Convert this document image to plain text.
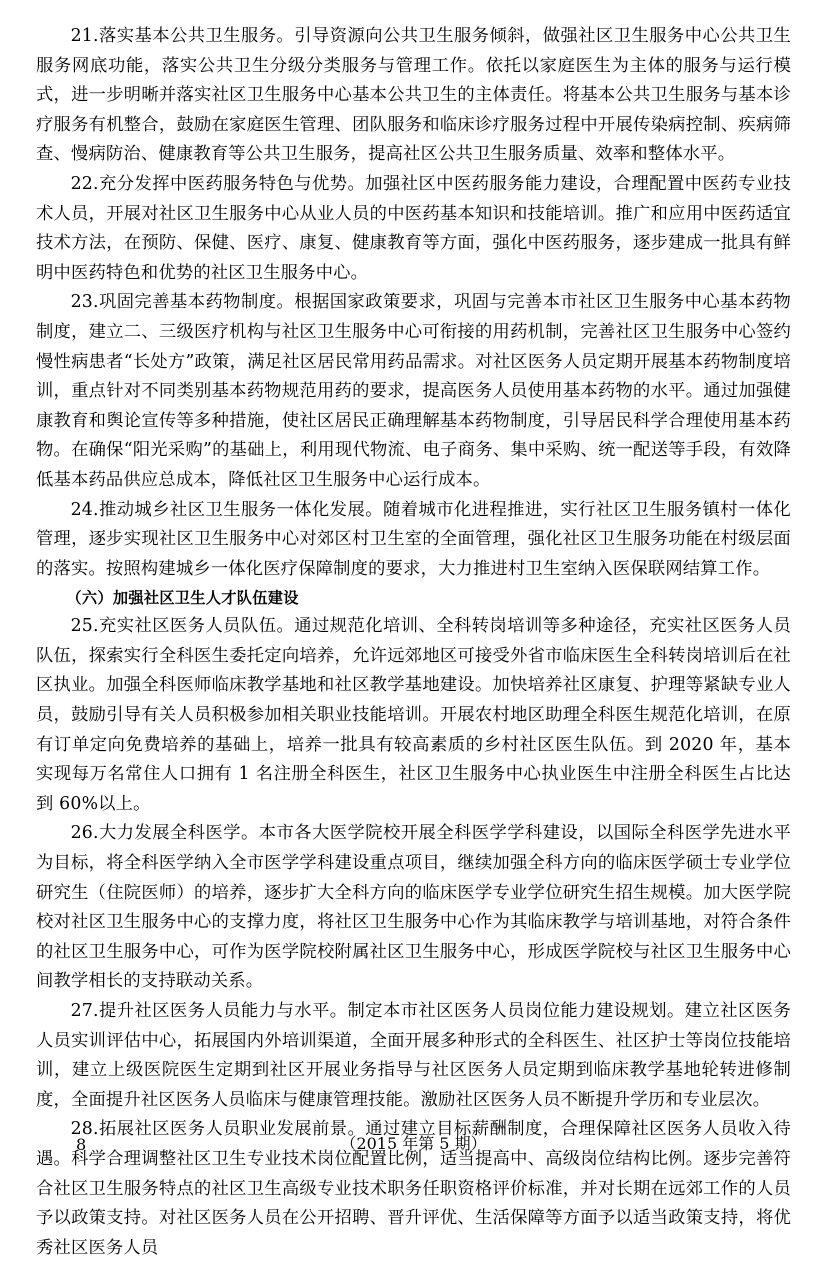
21.落实基本公共卫生服务。引导资源向公共卫生服务倾斜，做强社区卫生服务中心公共卫生服务网底功能，落实公共卫生分级分类服务与管理工作。依托以家庭医生为主体的服务与运行模式，进一步明晰并落实社区卫生服务中心基本公共卫生的主体责任。将基本公共卫生服务与基本诊疗服务有机整合，鼓励在家庭医生管理、团队服务和临床诊疗服务过程中开展传染病控制、疾病筛查、慢病防治、健康教育等公共卫生服务，提高社区公共卫生服务质量、效率和整体水平。

22.充分发挥中医药服务特色与优势。加强社区中医药服务能力建设，合理配置中医药专业技术人员，开展对社区卫生服务中心从业人员的中医药基本知识和技能培训。推广和应用中医药适宜技术方法，在预防、保健、医疗、康复、健康教育等方面，强化中医药服务，逐步建成一批具有鲜明中医药特色和优势的社区卫生服务中心。

23.巩固完善基本药物制度。根据国家政策要求，巩固与完善本市社区卫生服务中心基本药物制度，建立二、三级医疗机构与社区卫生服务中心可衔接的用药机制，完善社区卫生服务中心签约慢性病患者“长处方”政策，满足社区居民常用药品需求。对社区医务人员定期开展基本药物制度培训，重点针对不同类别基本药物规范用药的要求，提高医务人员使用基本药物的水平。通过加强健康教育和舆论宣传等多种措施，使社区居民正确理解基本药物制度，引导居民科学合理使用基本药物。在确保“阳光采购”的基础上，利用现代物流、电子商务、集中采购、统一配送等手段，有效降低基本药品供应总成本，降低社区卫生服务中心运行成本。

24.推动城乡社区卫生服务一体化发展。随着城市化进程推进，实行社区卫生服务镇村一体化管理，逐步实现社区卫生服务中心对郊区村卫生室的全面管理，强化社区卫生服务功能在村级层面的落实。按照构建城乡一体化医疗保障制度的要求，大力推进村卫生室纳入医保联网结算工作。

（六）加强社区卫生人才队伍建设

25.充实社区医务人员队伍。通过规范化培训、全科转岗培训等多种途径，充实社区医务人员队伍，探索实行全科医生委托定向培养，允许远郊地区可接受外省市临床医生全科转岗培训后在社区执业。加强全科医师临床教学基地和社区教学基地建设。加快培养社区康复、护理等紧缺专业人员，鼓励引导有关人员积极参加相关职业技能培训。开展农村地区助理全科医生规范化培训，在原有订单定向免费培养的基础上，培养一批具有较高素质的乡村社区医生队伍。到 2020 年，基本实现每万名常住人口拥有 1 名注册全科医生，社区卫生服务中心执业医生中注册全科医生占比达到 60%以上。

26.大力发展全科医学。本市各大医学院校开展全科医学学科建设，以国际全科医学先进水平为目标，将全科医学纳入全市医学学科建设重点项目，继续加强全科方向的临床医学硕士专业学位研究生（住院医师）的培养，逐步扩大全科方向的临床医学专业学位研究生招生规模。加大医学院校对社区卫生服务中心的支撑力度，将社区卫生服务中心作为其临床教学与培训基地，对符合条件的社区卫生服务中心，可作为医学院校附属社区卫生服务中心，形成医学院校与社区卫生服务中心间教学相长的支持联动关系。

27.提升社区医务人员能力与水平。制定本市社区医务人员岗位能力建设规划。建立社区医务人员实训评估中心，拓展国内外培训渠道，全面开展多种形式的全科医生、社区护士等岗位技能培训，建立上级医院医生定期到社区开展业务指导与社区医务人员定期到临床教学基地轮转进修制度，全面提升社区医务人员临床与健康管理技能。激励社区医务人员不断提升学历和专业层次。

28.拓展社区医务人员职业发展前景。通过建立目标薪酬制度，合理保障社区医务人员收入待遇。科学合理调整社区卫生专业技术岗位配置比例，适当提高中、高级岗位结构比例。逐步完善符合社区卫生服务特点的社区卫生高级专业技术职务任职资格评价标准，并对长期在远郊工作的人员予以政策支持。对社区医务人员在公开招聘、晋升评优、生活保障等方面予以适当政策支持，将优秀社区医务人员

8	（2015 年第 5 期）
